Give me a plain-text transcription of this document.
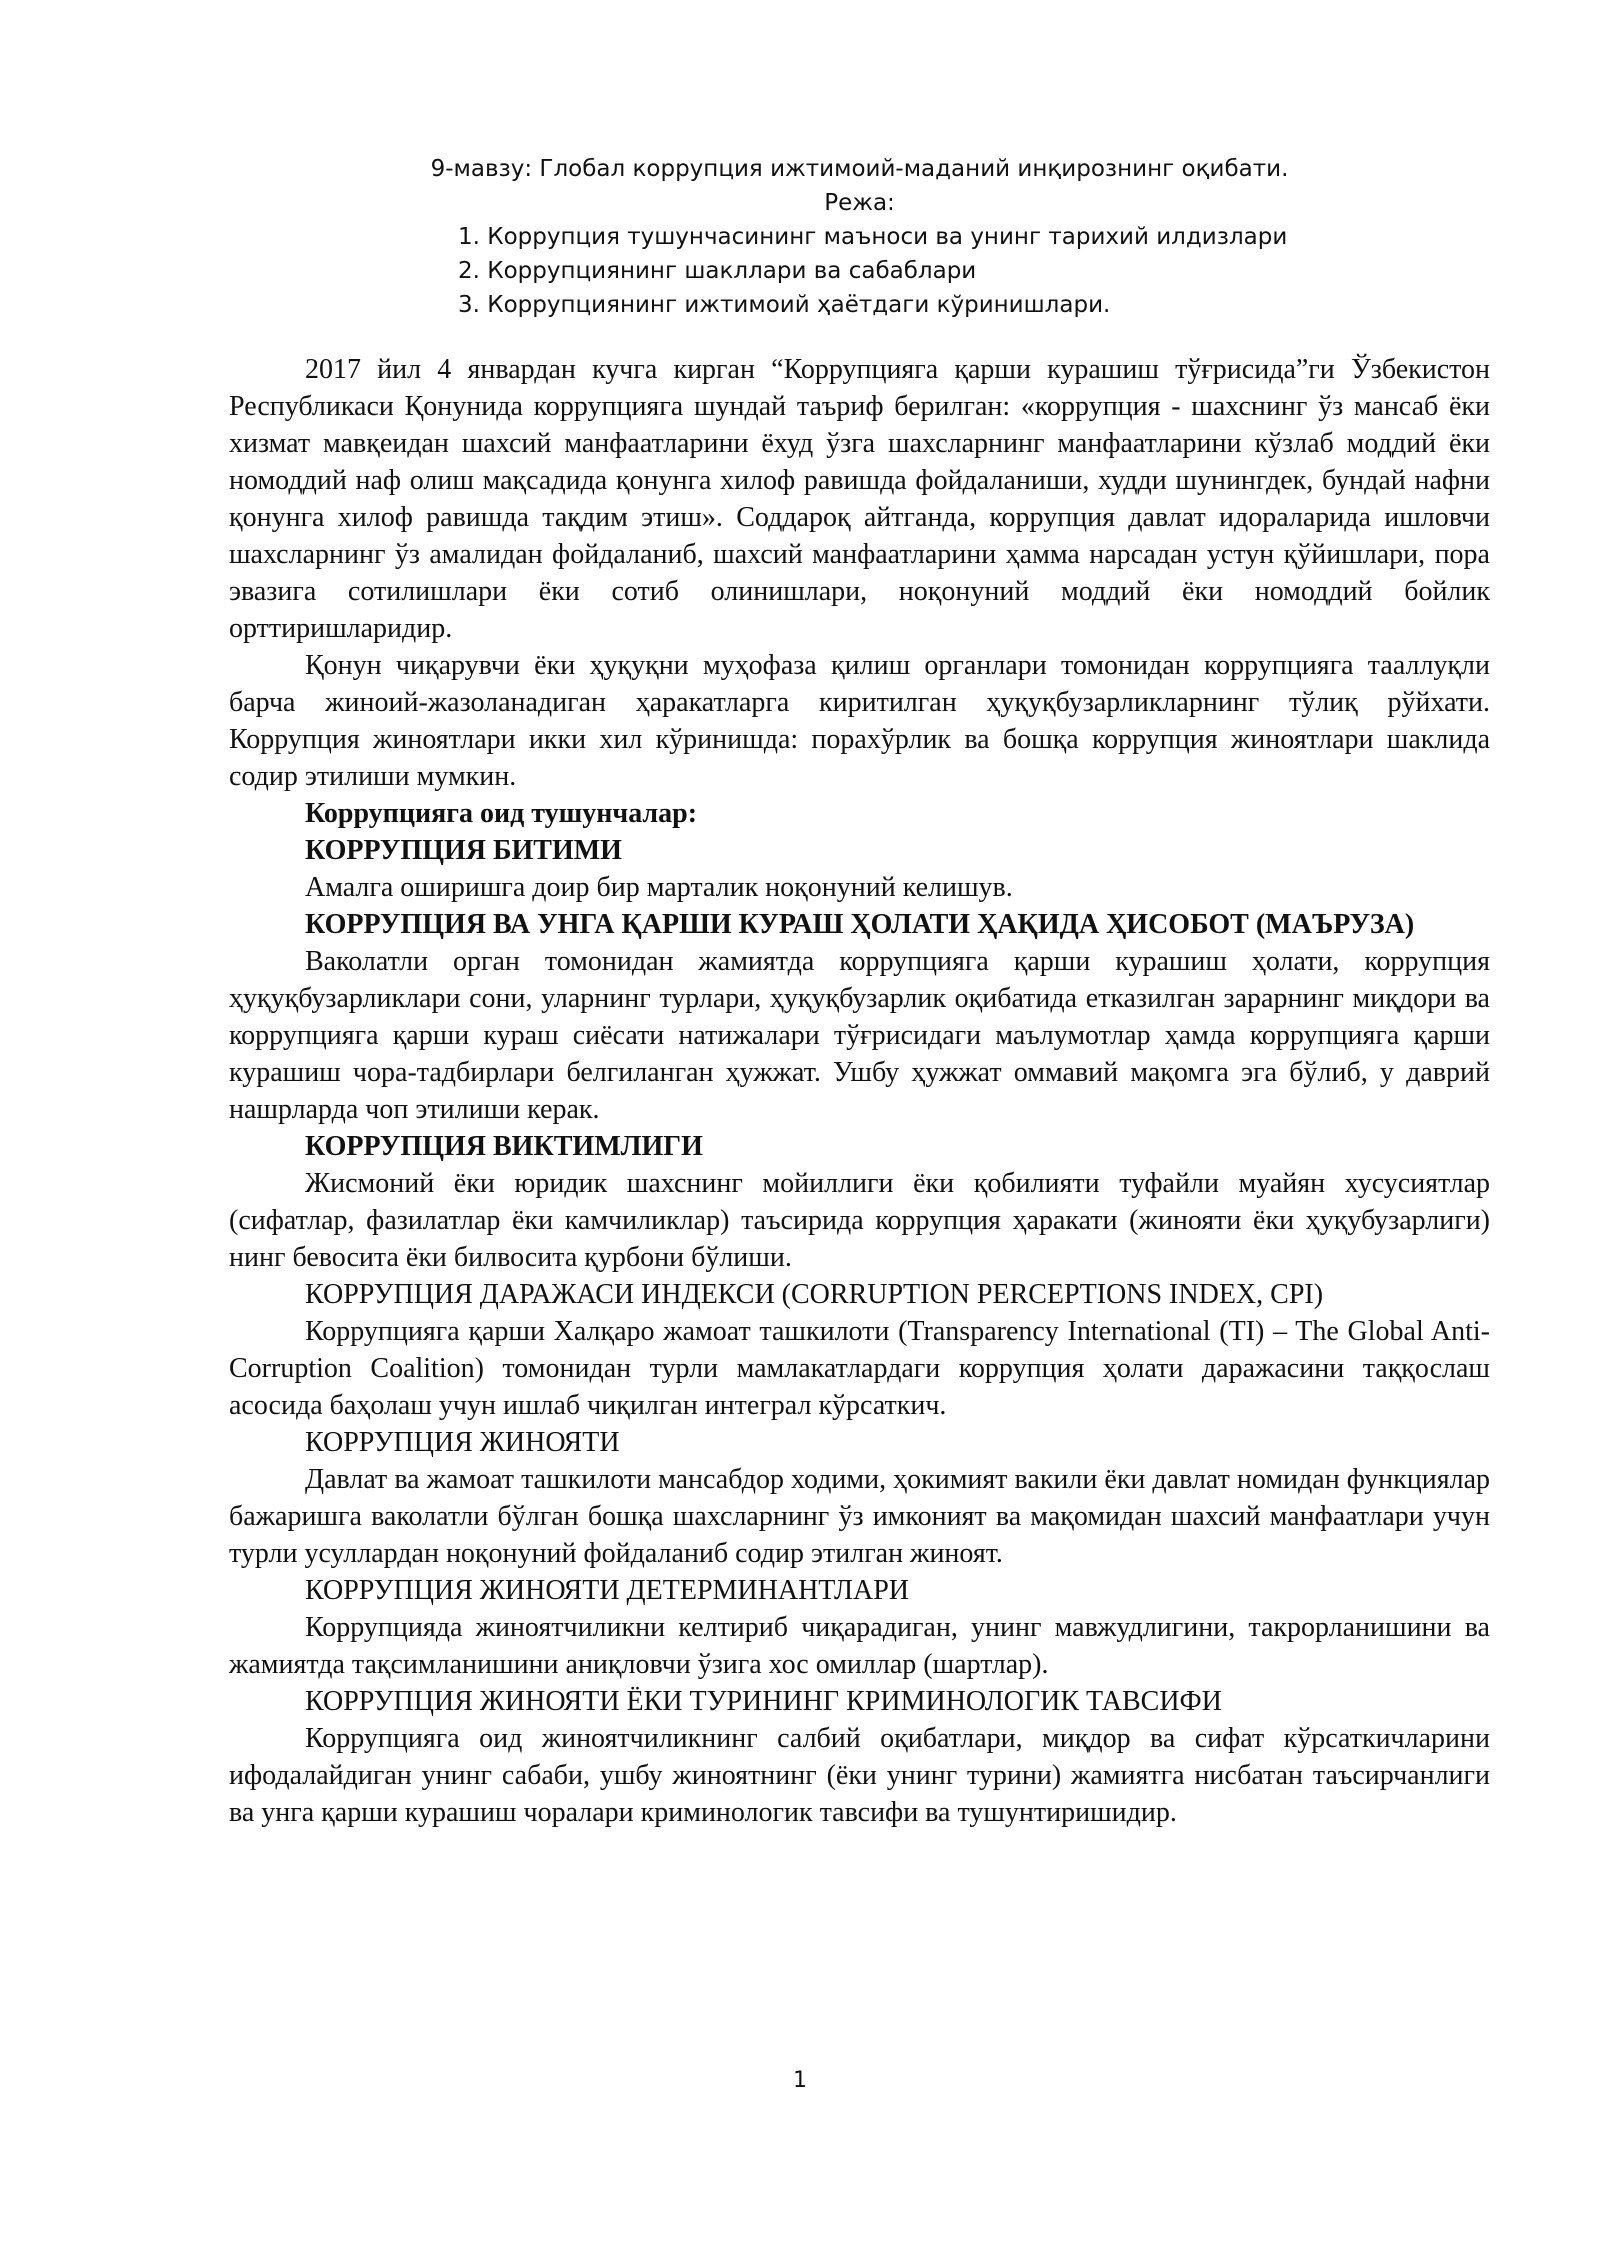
9-мавзу: Глобал коррупция ижтимоий-маданий инқирознинг оқибати.
Режа:
1. Коррупция тушунчасининг маъноси ва унинг тарихий илдизлари
2. Коррупциянинг шакллари ва сабаблари
3. Коррупциянинг ижтимоий ҳаётдаги кўринишлари.

2017 йил 4 январдан кучга кирган “Коррупцияга қарши курашиш тўғрисида”ги Ўзбекистон Республикаси Қонунида коррупцияга шундай таъриф берилган: «коррупция - шахснинг ўз мансаб ёки хизмат мавқеидан шахсий манфаатларини ёхуд ўзга шахсларнинг манфаатларини кўзлаб моддий ёки номоддий наф олиш мақсадида қонунга хилоф равишда фойдаланиши, худди шунингдек, бундай нафни қонунга хилоф равишда тақдим этиш». Соддароқ айтганда, коррупция давлат идораларида ишловчи шахсларнинг ўз амалидан фойдаланиб, шахсий манфаатларини ҳамма нарсадан устун қўйишлари, пора эвазига сотилишлари ёки сотиб олинишлари, ноқонуний моддий ёки номоддий бойлик орттиришларидир.

Қонун чиқарувчи ёки ҳуқуқни муҳофаза қилиш органлари томонидан коррупцияга тааллуқли барча жиноий-жазоланадиган ҳаракатларга киритилган ҳуқуқбузарликларнинг тўлиқ рўйхати. Коррупция жиноятлари икки хил кўринишда: порахўрлик ва бошқа коррупция жиноятлари шаклида содир этилиши мумкин.

Коррупцияга оид тушунчалар:
КОРРУПЦИЯ БИТИМИ

Амалга оширишга доир бир марталик ноқонуний келишув.

КОРРУПЦИЯ ВА УНГА ҚАРШИ КУРАШ ҲОЛАТИ ҲАҚИДА ҲИСОБОТ (МАЪРУЗА)

Ваколатли орган томонидан жамиятда коррупцияга қарши курашиш ҳолати, коррупция ҳуқуқбузарликлари сони, уларнинг турлари, ҳуқуқбузарлик оқибатида етказилган зарарнинг миқдори ва коррупцияга қарши кураш сиёсати натижалари тўғрисидаги маълумотлар ҳамда коррупцияга қарши курашиш чора-тадбирлари белгиланган ҳужжат. Ушбу ҳужжат оммавий мақомга эга бўлиб, у даврий нашрларда чоп этилиши керак.

КОРРУПЦИЯ ВИКТИМЛИГИ

Жисмоний ёки юридик шахснинг мойиллиги ёки қобилияти туфайли муайян хусусиятлар (сифатлар, фазилатлар ёки камчиликлар) таъсирида коррупция ҳаракати (жинояти ёки ҳуқубузарлиги) нинг бевосита ёки билвосита қурбони бўлиши.

КОРРУПЦИЯ ДАРАЖАСИ ИНДЕКСИ (CORRUPTION PERCEPTIONS INDEX, CPI)

Коррупцияга қарши Халқаро жамоат ташкилоти (Transparency International (TI) – The Global Anti-Corruption Coalition) томонидан турли мамлакатлардаги коррупция ҳолати даражасини таққослаш асосида баҳолаш учун ишлаб чиқилган интеграл кўрсаткич.

КОРРУПЦИЯ ЖИНОЯТИ

Давлат ва жамоат ташкилоти мансабдор ходими, ҳокимият вакили ёки давлат номидан функциялар бажаришга ваколатли бўлган бошқа шахсларнинг ўз имконият ва мақомидан шахсий манфаатлари учун турли усуллардан ноқонуний фойдаланиб содир этилган жиноят.

КОРРУПЦИЯ ЖИНОЯТИ ДЕТЕРМИНАНТЛАРИ

Коррупцияда жиноятчиликни келтириб чиқарадиган, унинг мавжудлигини, такрорланишини ва жамиятда тақсимланишини аниқловчи ўзига хос омиллар (шартлар).

КОРРУПЦИЯ ЖИНОЯТИ ЁКИ ТУРИНИНГ КРИМИНОЛОГИК ТАВСИФИ

Коррупцияга оид жиноятчиликнинг салбий оқибатлари, миқдор ва сифат кўрсаткичларини ифодалайдиган унинг сабаби, ушбу жиноятнинг (ёки унинг турини) жамиятга нисбатан таъсирчанлиги ва унга қарши курашиш чоралари криминологик тавсифи ва тушунтиришидир.

1
